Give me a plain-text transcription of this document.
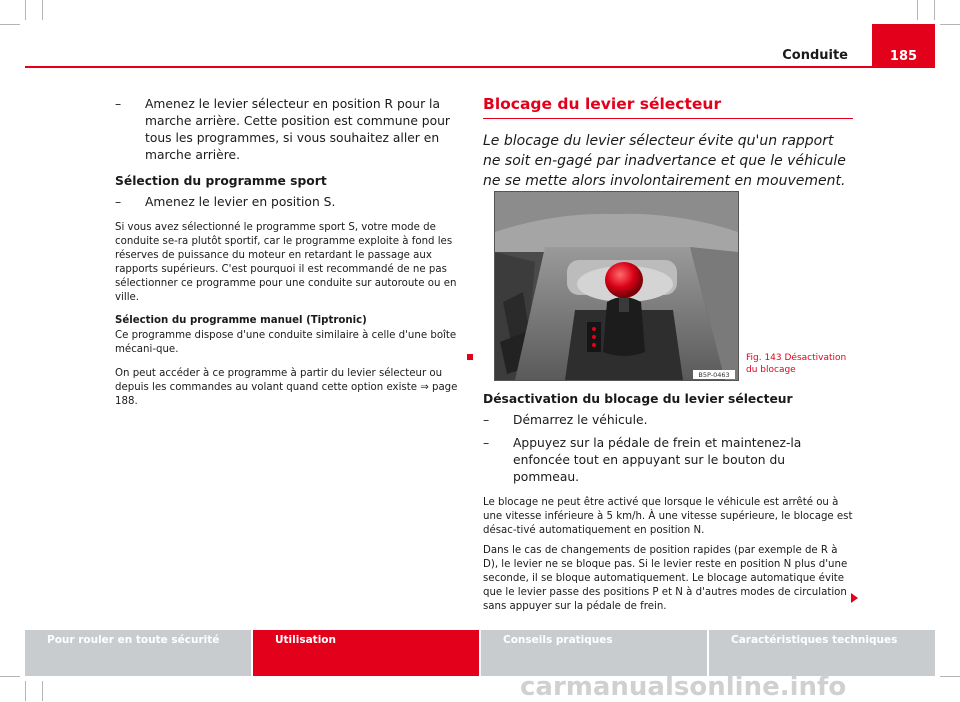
Conduite	185
– Amenez le levier sélecteur en position R pour la marche arrière. Cette position est commune pour tous les programmes, si vous souhaitez aller en marche arrière.
Sélection du programme sport
– Amenez le levier en position S.

Si vous avez sélectionné le programme sport S, votre mode de conduite se-ra plutôt sportif, car le programme exploite à fond les réserves de puissance du moteur en retardant le passage aux rapports supérieurs. C'est pourquoi il est recommandé de ne pas sélectionner ce programme pour une conduite sur autoroute ou en ville.

Sélection du programme manuel (Tiptronic)

Ce programme dispose d'une conduite similaire à celle d'une boîte mécani-que.

On peut accéder à ce programme à partir du levier sélecteur ou depuis les commandes au volant quand cette option existe ⇒ page 188.

Blocage du levier sélecteur
Le blocage du levier sélecteur évite qu'un rapport ne soit en-gagé par inadvertance et que le véhicule ne se mette alors involontairement en mouvement.
B5P-0463
Fig. 143 Désactivation
du blocage
Désactivation du blocage du levier sélecteur
– Démarrez le véhicule.
– Appuyez sur la pédale de frein et maintenez-la enfoncée tout en appuyant sur le bouton du pommeau.

Le blocage ne peut être activé que lorsque le véhicule est arrêté ou à une vitesse inférieure à 5 km/h. À une vitesse supérieure, le blocage est désac-tivé automatiquement en position N.

Dans le cas de changements de position rapides (par exemple de R à D), le levier ne se bloque pas. Si le levier reste en position N plus d'une seconde, il se bloque automatiquement. Le blocage automatique évite que le levier passe des positions P et N à d'autres modes de circulation sans appuyer sur la pédale de frein.

Pour rouler en toute sécurité	Utilisation	Conseils pratiques	Caractéristiques techniques
carmanualsonline.info
